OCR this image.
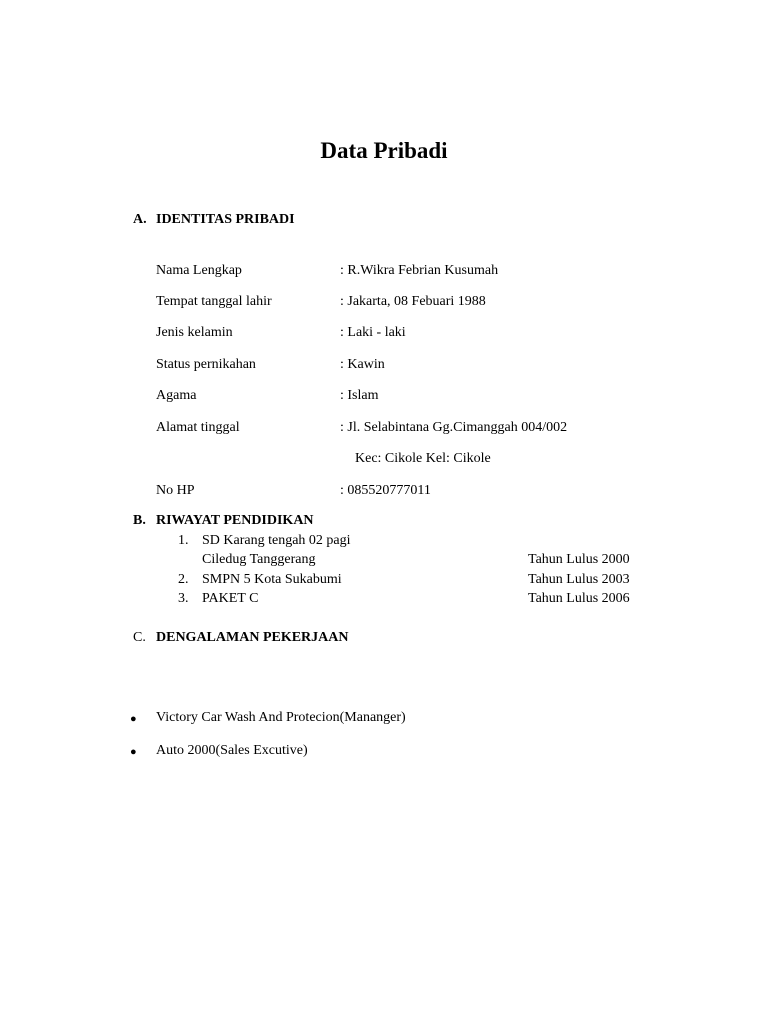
Data Pribadi
A. IDENTITAS PRIBADI
Nama Lengkap	: R.Wikra Febrian Kusumah
Tempat tanggal lahir	: Jakarta, 08 Febuari 1988
Jenis kelamin	: Laki - laki
Status pernikahan	: Kawin
Agama	: Islam
Alamat tinggal	: Jl. Selabintana Gg.Cimanggah 004/002
Kec: Cikole Kel: Cikole
No HP	: 085520777011
B. RIWAYAT PENDIDIKAN
1. SD Karang tengah 02 pagi
Ciledug Tanggerang	Tahun Lulus 2000
2. SMPN 5 Kota Sukabumi	Tahun Lulus 2003
3. PAKET C	Tahun Lulus 2006
C. DENGALAMAN PEKERJAAN
● Victory Car Wash And Protecion(Mananger)
● Auto 2000(Sales Excutive)
